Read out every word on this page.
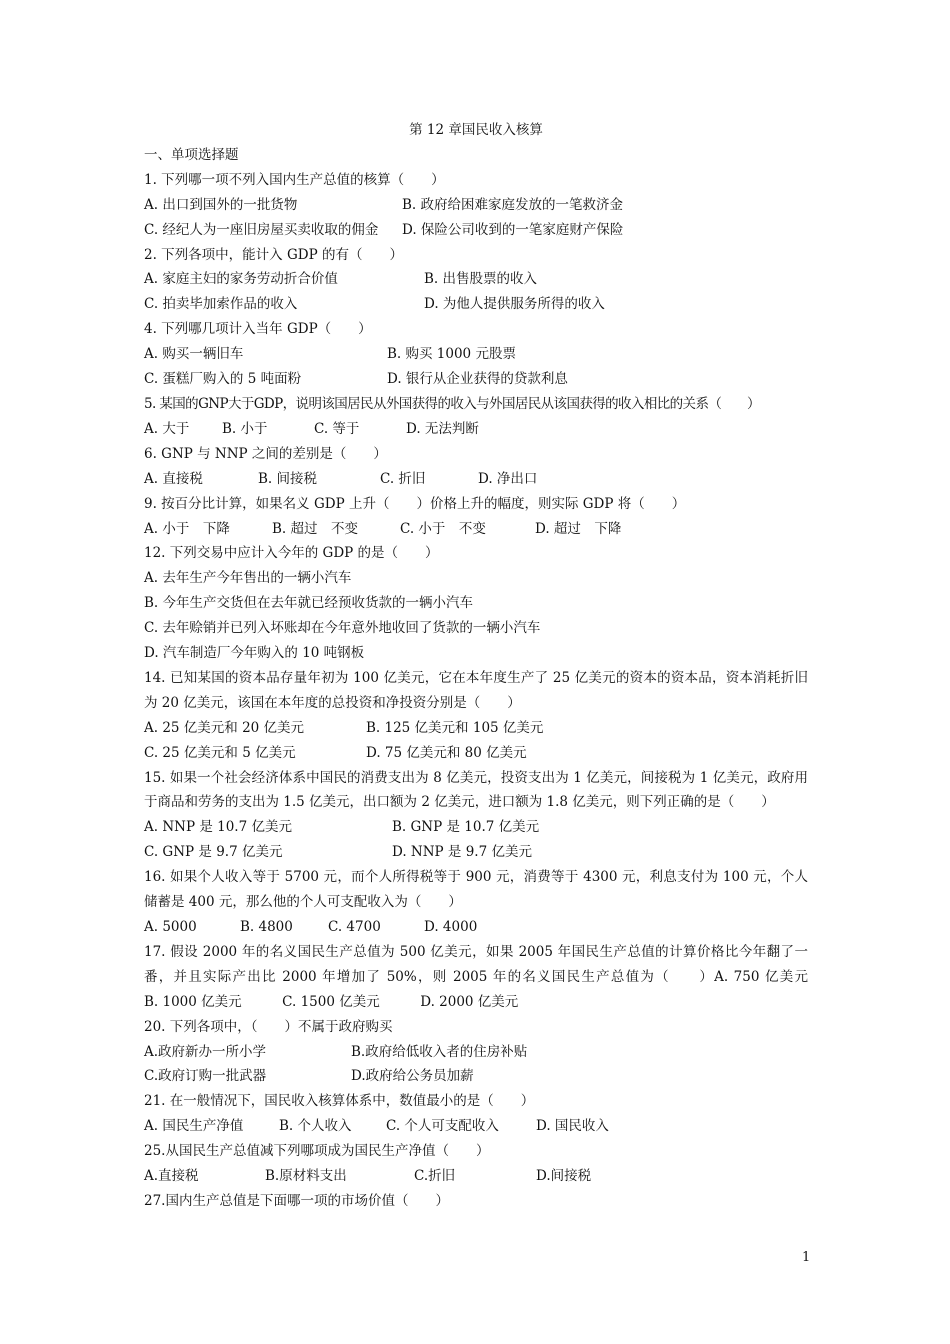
第 12 章国民收入核算
一、单项选择题
1. 下列哪一项不列入国内生产总值的核算（　　）
A. 出口到国外的一批货物	B. 政府给困难家庭发放的一笔救济金
C. 经纪人为一座旧房屋买卖收取的佣金	D. 保险公司收到的一笔家庭财产保险
2. 下列各项中，能计入 GDP 的有（　　）
A. 家庭主妇的家务劳动折合价值	B. 出售股票的收入
C. 拍卖毕加索作品的收入	D. 为他人提供服务所得的收入
4. 下列哪几项计入当年 GDP（　　）
A. 购买一辆旧车	B. 购买 1000 元股票
C. 蛋糕厂购入的 5 吨面粉	D. 银行从企业获得的贷款利息
5. 某国的GNP大于GDP，说明该国居民从外国获得的收入与外国居民从该国获得的收入相比的关系（　　）
A. 大于	B. 小于	C. 等于	D. 无法判断
6. GNP 与 NNP 之间的差别是（　　）
A. 直接税	B. 间接税	C. 折旧	D. 净出口
9. 按百分比计算，如果名义 GDP 上升（　　）价格上升的幅度，则实际 GDP 将（　　）
A. 小于　下降	B. 超过　不变	C. 小于　不变	D. 超过　下降
12. 下列交易中应计入今年的 GDP 的是（　　）
A. 去年生产今年售出的一辆小汽车
B. 今年生产交货但在去年就已经预收货款的一辆小汽车
C. 去年赊销并已列入坏账却在今年意外地收回了货款的一辆小汽车
D. 汽车制造厂今年购入的 10 吨钢板
14. 已知某国的资本品存量年初为 100 亿美元，它在本年度生产了 25 亿美元的资本的资本品，资本消耗折旧为 20 亿美元，该国在本年度的总投资和净投资分别是（　　）
A. 25 亿美元和 20 亿美元	B. 125 亿美元和 105 亿美元
C. 25 亿美元和 5 亿美元	D. 75 亿美元和 80 亿美元
15. 如果一个社会经济体系中国民的消费支出为 8 亿美元，投资支出为 1 亿美元，间接税为 1 亿美元，政府用于商品和劳务的支出为 1.5 亿美元，出口额为 2 亿美元，进口额为 1.8 亿美元，则下列正确的是（　　）
A. NNP 是 10.7 亿美元	B. GNP 是 10.7 亿美元
C. GNP 是 9.7 亿美元	D. NNP 是 9.7 亿美元
16. 如果个人收入等于 5700 元，而个人所得税等于 900 元，消费等于 4300 元，利息支付为 100 元，个人储蓄是 400 元，那么他的个人可支配收入为（　　）
A. 5000	B. 4800	C. 4700	D. 4000
17. 假设 2000 年的名义国民生产总值为 500 亿美元，如果 2005 年国民生产总值的计算价格比今年翻了一番，并且实际产出比 2000 年增加了 50%，则 2005 年的名义国民生产总值为（　　）A. 750 亿美元　　　B. 1000 亿美元　　　C. 1500 亿美元　　　D. 2000 亿美元
20. 下列各项中，（　　）不属于政府购买
A.政府新办一所小学	B.政府给低收入者的住房补贴
C.政府订购一批武器	D.政府给公务员加薪
21. 在一般情况下，国民收入核算体系中，数值最小的是（　　）
A. 国民生产净值	B. 个人收入	C. 个人可支配收入	D. 国民收入
25.从国民生产总值减下列哪项成为国民生产净值（　　）
A.直接税	B.原材料支出	C.折旧	D.间接税
27.国内生产总值是下面哪一项的市场价值（　　）
1
